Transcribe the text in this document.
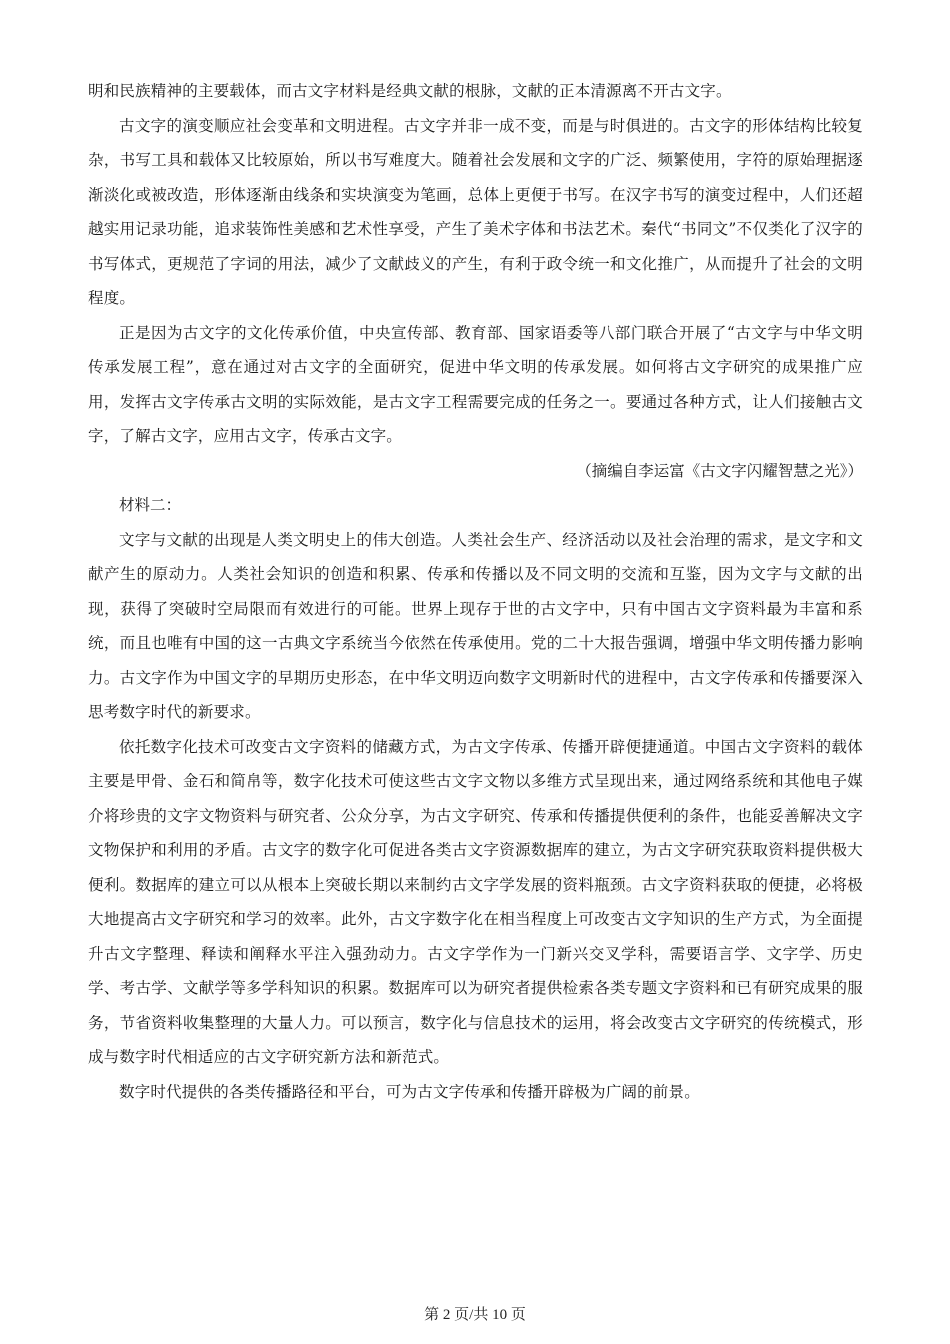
明和民族精神的主要载体，而古文字材料是经典文献的根脉，文献的正本清源离不开古文字。

古文字的演变顺应社会变革和文明进程。古文字并非一成不变，而是与时俱进的。古文字的形体结构比较复杂，书写工具和载体又比较原始，所以书写难度大。随着社会发展和文字的广泛、频繁使用，字符的原始理据逐渐淡化或被改造，形体逐渐由线条和实块演变为笔画，总体上更便于书写。在汉字书写的演变过程中，人们还超越实用记录功能，追求装饰性美感和艺术性享受，产生了美术字体和书法艺术。秦代“书同文”不仅类化了汉字的书写体式，更规范了字词的用法，减少了文献歧义的产生，有利于政令统一和文化推广，从而提升了社会的文明程度。

正是因为古文字的文化传承价值，中央宣传部、教育部、国家语委等八部门联合开展了“古文字与中华文明传承发展工程”，意在通过对古文字的全面研究，促进中华文明的传承发展。如何将古文字研究的成果推广应用，发挥古文字传承古文明的实际效能，是古文字工程需要完成的任务之一。要通过各种方式，让人们接触古文字，了解古文字，应用古文字，传承古文字。

（摘编自李运富《古文字闪耀智慧之光》）

材料二：

文字与文献的出现是人类文明史上的伟大创造。人类社会生产、经济活动以及社会治理的需求，是文字和文献产生的原动力。人类社会知识的创造和积累、传承和传播以及不同文明的交流和互鉴，因为文字与文献的出现，获得了突破时空局限而有效进行的可能。世界上现存于世的古文字中，只有中国古文字资料最为丰富和系统，而且也唯有中国的这一古典文字系统当今依然在传承使用。党的二十大报告强调，增强中华文明传播力影响力。古文字作为中国文字的早期历史形态，在中华文明迈向数字文明新时代的进程中，古文字传承和传播要深入思考数字时代的新要求。

依托数字化技术可改变古文字资料的储藏方式，为古文字传承、传播开辟便捷通道。中国古文字资料的载体主要是甲骨、金石和简帛等，数字化技术可使这些古文字文物以多维方式呈现出来，通过网络系统和其他电子媒介将珍贵的文字文物资料与研究者、公众分享，为古文字研究、传承和传播提供便利的条件，也能妥善解决文字文物保护和利用的矛盾。古文字的数字化可促进各类古文字资源数据库的建立，为古文字研究获取资料提供极大便利。数据库的建立可以从根本上突破长期以来制约古文字学发展的资料瓶颈。古文字资料获取的便捷，必将极大地提高古文字研究和学习的效率。此外，古文字数字化在相当程度上可改变古文字知识的生产方式，为全面提升古文字整理、释读和阐释水平注入强劲动力。古文字学作为一门新兴交叉学科，需要语言学、文字学、历史学、考古学、文献学等多学科知识的积累。数据库可以为研究者提供检索各类专题文字资料和已有研究成果的服务，节省资料收集整理的大量人力。可以预言，数字化与信息技术的运用，将会改变古文字研究的传统模式，形成与数字时代相适应的古文字研究新方法和新范式。

数字时代提供的各类传播路径和平台，可为古文字传承和传播开辟极为广阔的前景。

第 2 页/共 10 页
